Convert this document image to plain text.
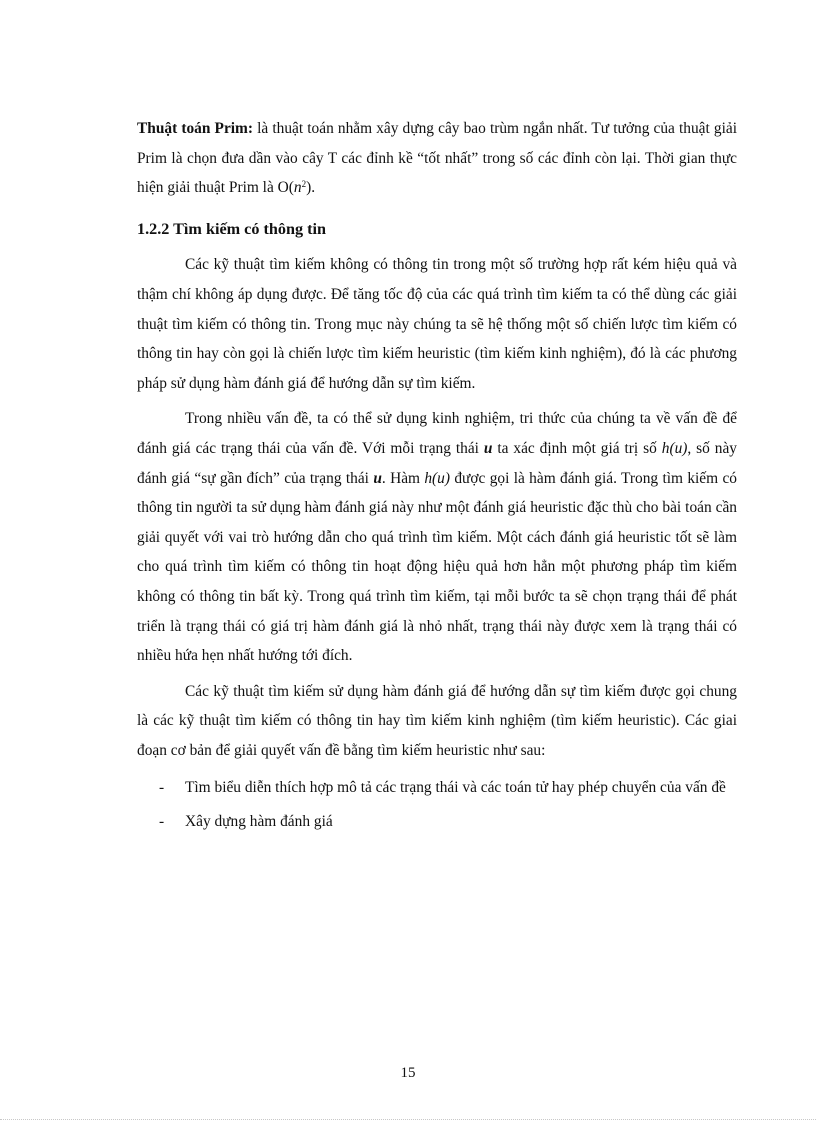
Thuật toán Prim: là thuật toán nhằm xây dựng cây bao trùm ngắn nhất. Tư tưởng của thuật giải Prim là chọn đưa dần vào cây T các đỉnh kề “tốt nhất” trong số các đỉnh còn lại. Thời gian thực hiện giải thuật Prim là $O(n^2)$.

1.2.2 Tìm kiếm có thông tin

Các kỹ thuật tìm kiếm không có thông tin trong một số trường hợp rất kém hiệu quả và thậm chí không áp dụng được. Để tăng tốc độ của các quá trình tìm kiếm ta có thể dùng các giải thuật tìm kiếm có thông tin. Trong mục này chúng ta sẽ hệ thống một số chiến lược tìm kiếm có thông tin hay còn gọi là chiến lược tìm kiếm heuristic (tìm kiếm kinh nghiệm), đó là các phương pháp sử dụng hàm đánh giá để hướng dẫn sự tìm kiếm.

Trong nhiều vấn đề, ta có thể sử dụng kinh nghiệm, tri thức của chúng ta về vấn đề để đánh giá các trạng thái của vấn đề. Với mỗi trạng thái u ta xác định một giá trị số h(u), số này đánh giá “sự gần đích” của trạng thái u. Hàm h(u) được gọi là hàm đánh giá. Trong tìm kiếm có thông tin người ta sử dụng hàm đánh giá này như một đánh giá heuristic đặc thù cho bài toán cần giải quyết với vai trò hướng dẫn cho quá trình tìm kiếm. Một cách đánh giá heuristic tốt sẽ làm cho quá trình tìm kiếm có thông tin hoạt động hiệu quả hơn hẳn một phương pháp tìm kiếm không có thông tin bất kỳ. Trong quá trình tìm kiếm, tại mỗi bước ta sẽ chọn trạng thái để phát triển là trạng thái có giá trị hàm đánh giá là nhỏ nhất, trạng thái này được xem là trạng thái có nhiều hứa hẹn nhất hướng tới đích.

Các kỹ thuật tìm kiếm sử dụng hàm đánh giá để hướng dẫn sự tìm kiếm được gọi chung là các kỹ thuật tìm kiếm có thông tin hay tìm kiếm kinh nghiệm (tìm kiếm heuristic). Các giai đoạn cơ bản để giải quyết vấn đề bằng tìm kiếm heuristic như sau:

- Tìm biểu diễn thích hợp mô tả các trạng thái và các toán tử hay phép chuyển của vấn đề
- Xây dựng hàm đánh giá
15
